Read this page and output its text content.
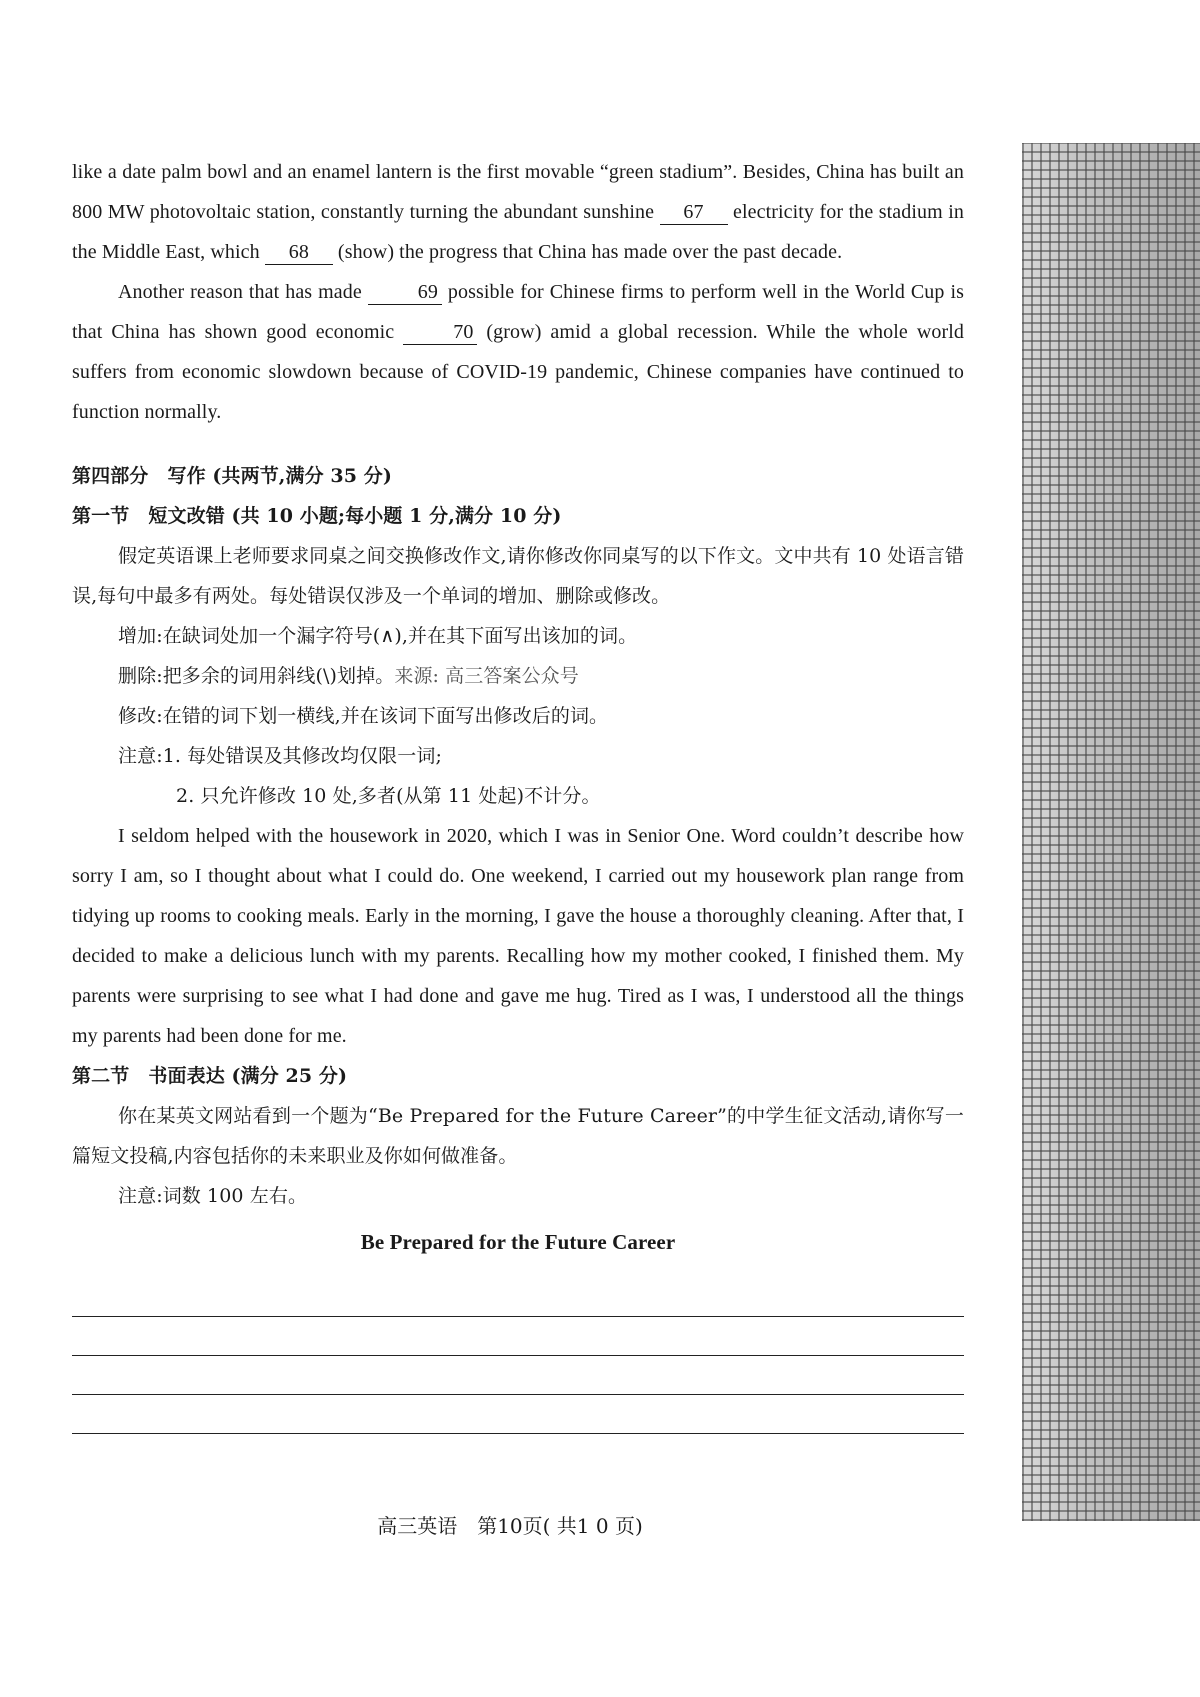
like a date palm bowl and an enamel lantern is the first movable “green stadium”. Besides, China has built an 800 MW photovoltaic station, constantly turning the abundant sunshine 67 electricity for the stadium in the Middle East, which 68 (show) the progress that China has made over the past decade.

Another reason that has made	69 possible for Chinese firms to perform well in the World Cup is that China has shown good economic	70 (grow) amid a global recession. While the whole world suffers from economic slowdown because of COVID-19 pandemic, Chinese companies have continued to function normally.

第四部分　写作 (共两节,满分 35 分)

第一节　短文改错 (共 10 小题;每小题 1 分,满分 10 分)

假定英语课上老师要求同桌之间交换修改作文,请你修改你同桌写的以下作文。文中共有 10 处语言错误,每句中最多有两处。每处错误仅涉及一个单词的增加、删除或修改。

增加:在缺词处加一个漏字符号(∧),并在其下面写出该加的词。

删除:把多余的词用斜线(\)划掉。来源: 高三答案公众号

修改:在错的词下划一横线,并在该词下面写出修改后的词。

注意:1. 每处错误及其修改均仅限一词;

2. 只允许修改 10 处,多者(从第 11 处起)不计分。

I seldom helped with the housework in 2020, which I was in Senior One. Word couldn’t describe how sorry I am, so I thought about what I could do. One weekend, I carried out my housework plan range from tidying up rooms to cooking meals. Early in the morning, I gave the house a thoroughly cleaning. After that, I decided to make a delicious lunch with my parents. Recalling how my mother cooked, I finished them. My parents were surprising to see what I had done and gave me hug. Tired as I was, I understood all the things my parents had been done for me.

第二节　书面表达 (满分 25 分)

你在某英文网站看到一个题为“Be Prepared for the Future Career”的中学生征文活动,请你写一篇短文投稿,内容包括你的未来职业及你如何做准备。

注意:词数 100 左右。

Be Prepared for the Future Career
高三英语　第10页( 共1 0 页)
